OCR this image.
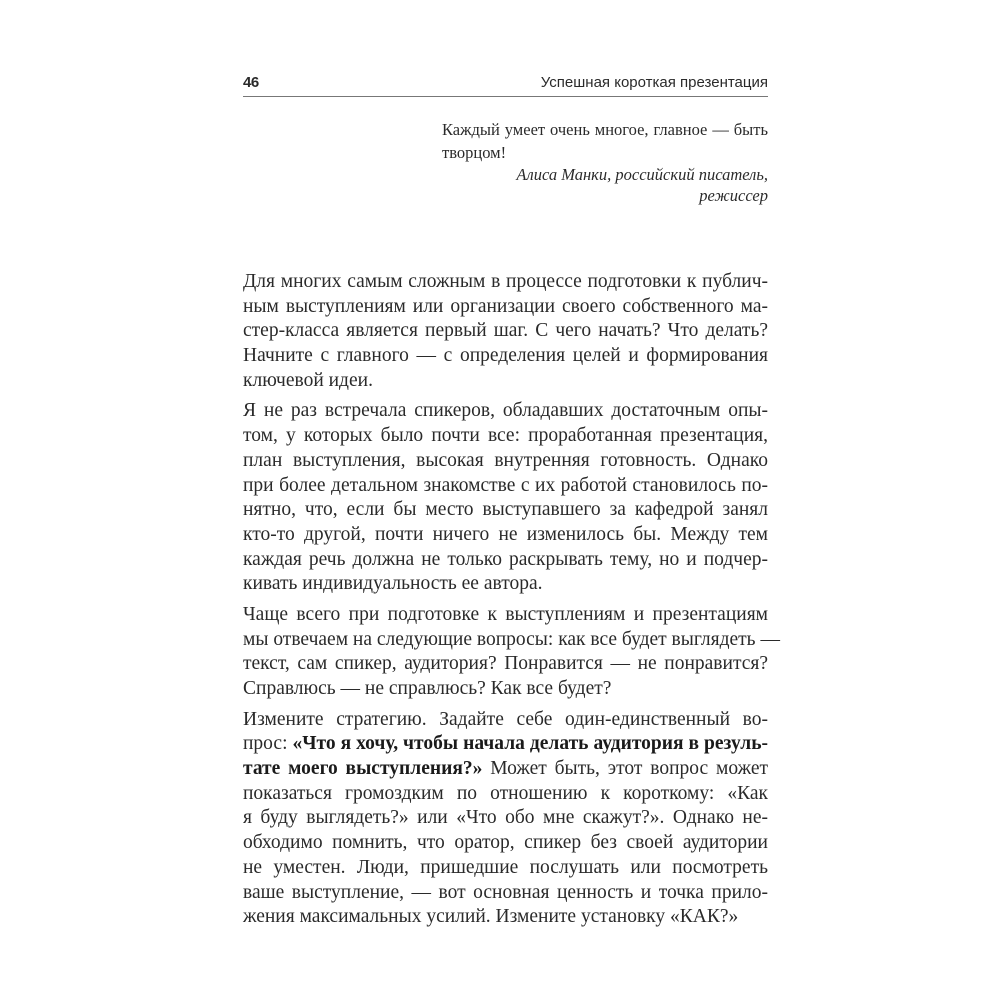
46	Успешная короткая презентация
Каждый умеет очень многое, главное — быть
творцом!
Алиса Манки, российский писатель,
режиссер
Для многих самым сложным в процессе подготовки к публич-
ным выступлениям или организации своего собственного ма-
стер-класса является первый шаг. С чего начать? Что делать?
Начните с главного — с определения целей и формирования
ключевой идеи.
Я не раз встречала спикеров, обладавших достаточным опы-
том, у которых было почти все: проработанная презентация,
план выступления, высокая внутренняя готовность. Однако
при более детальном знакомстве с их работой становилось по-
нятно, что, если бы место выступавшего за кафедрой занял
кто-то другой, почти ничего не изменилось бы. Между тем
каждая речь должна не только раскрывать тему, но и подчер-
кивать индивидуальность ее автора.
Чаще всего при подготовке к выступлениям и презентациям
мы отвечаем на следующие вопросы: как все будет выглядеть —
текст, сам спикер, аудитория? Понравится — не понравится?
Справлюсь — не справлюсь? Как все будет?
Измените стратегию. Задайте себе один-единственный во-
прос: «Что я хочу, чтобы начала делать аудитория в резуль-
тате моего выступления?» Может быть, этот вопрос может
показаться громоздким по отношению к короткому: «Как
я буду выглядеть?» или «Что обо мне скажут?». Однако не-
обходимо помнить, что оратор, спикер без своей аудитории
не уместен. Люди, пришедшие послушать или посмотреть
ваше выступление, — вот основная ценность и точка прило-
жения максимальных усилий. Измените установку «КАК?»
